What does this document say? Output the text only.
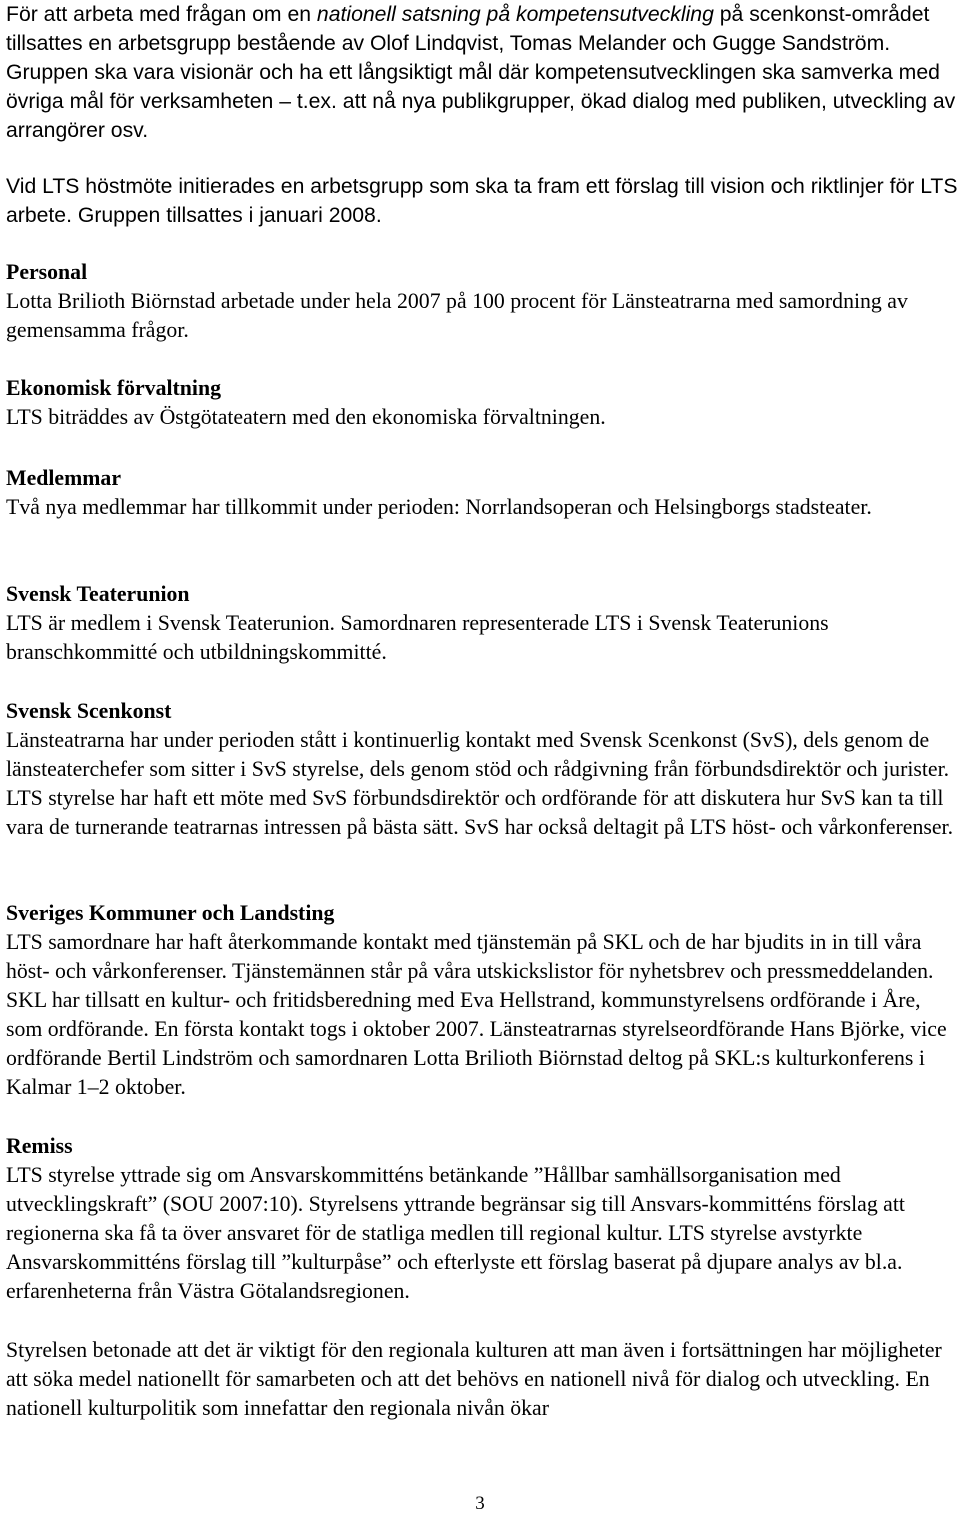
För att arbeta med frågan om en nationell satsning på kompetensutveckling på scenkonst-området tillsattes en arbetsgrupp bestående av Olof Lindqvist, Tomas Melander och Gugge Sandström. Gruppen ska vara visionär och ha ett långsiktigt mål där kompetensutvecklingen ska samverka med övriga mål för verksamheten – t.ex. att nå nya publikgrupper, ökad dialog med publiken, utveckling av arrangörer osv.

Vid LTS höstmöte initierades en arbetsgrupp som ska ta fram ett förslag till vision och riktlinjer för LTS arbete. Gruppen tillsattes i januari 2008.

Personal

Lotta Brilioth Biörnstad arbetade under hela 2007 på 100 procent för Länsteatrarna med samordning av gemensamma frågor.

Ekonomisk förvaltning

LTS biträddes av Östgötateatern med den ekonomiska förvaltningen.

Medlemmar

Två nya medlemmar har tillkommit under perioden: Norrlandsoperan och Helsingborgs stadsteater.

Svensk Teaterunion

LTS är medlem i Svensk Teaterunion. Samordnaren representerade LTS i Svensk Teaterunions branschkommitté och utbildningskommitté.

Svensk Scenkonst

Länsteatrarna har under perioden stått i kontinuerlig kontakt med Svensk Scenkonst (SvS), dels genom de länsteaterchefer som sitter i SvS styrelse, dels genom stöd och rådgivning från förbundsdirektör och jurister. LTS styrelse har haft ett möte med SvS förbundsdirektör och ordförande för att diskutera hur SvS kan ta till vara de turnerande teatrarnas intressen på bästa sätt. SvS har också deltagit på LTS höst- och vårkonferenser.

Sveriges Kommuner och Landsting

LTS samordnare har haft återkommande kontakt med tjänstemän på SKL och de har bjudits in in till våra höst- och vårkonferenser. Tjänstemännen står på våra utskickslistor för nyhetsbrev och pressmeddelanden. SKL har tillsatt en kultur- och fritidsberedning med Eva Hellstrand, kommunstyrelsens ordförande i Åre, som ordförande. En första kontakt togs i oktober 2007. Länsteatrarnas styrelseordförande Hans Björke, vice ordförande Bertil Lindström och samordnaren Lotta Brilioth Biörnstad deltog på SKL:s kulturkonferens i Kalmar 1–2 oktober.

Remiss

LTS styrelse yttrade sig om Ansvarskommitténs betänkande ”Hållbar samhällsorganisation med utvecklingskraft” (SOU 2007:10). Styrelsens yttrande begränsar sig till Ansvars-kommitténs förslag att regionerna ska få ta över ansvaret för de statliga medlen till regional kultur. LTS styrelse avstyrkte Ansvarskommitténs förslag till ”kulturpåse” och efterlyste ett förslag baserat på djupare analys av bl.a. erfarenheterna från Västra Götalandsregionen.

Styrelsen betonade att det är viktigt för den regionala kulturen att man även i fortsättningen har möjligheter att söka medel nationellt för samarbeten och att det behövs en nationell nivå för dialog och utveckling. En nationell kulturpolitik som innefattar den regionala nivån ökar

3
